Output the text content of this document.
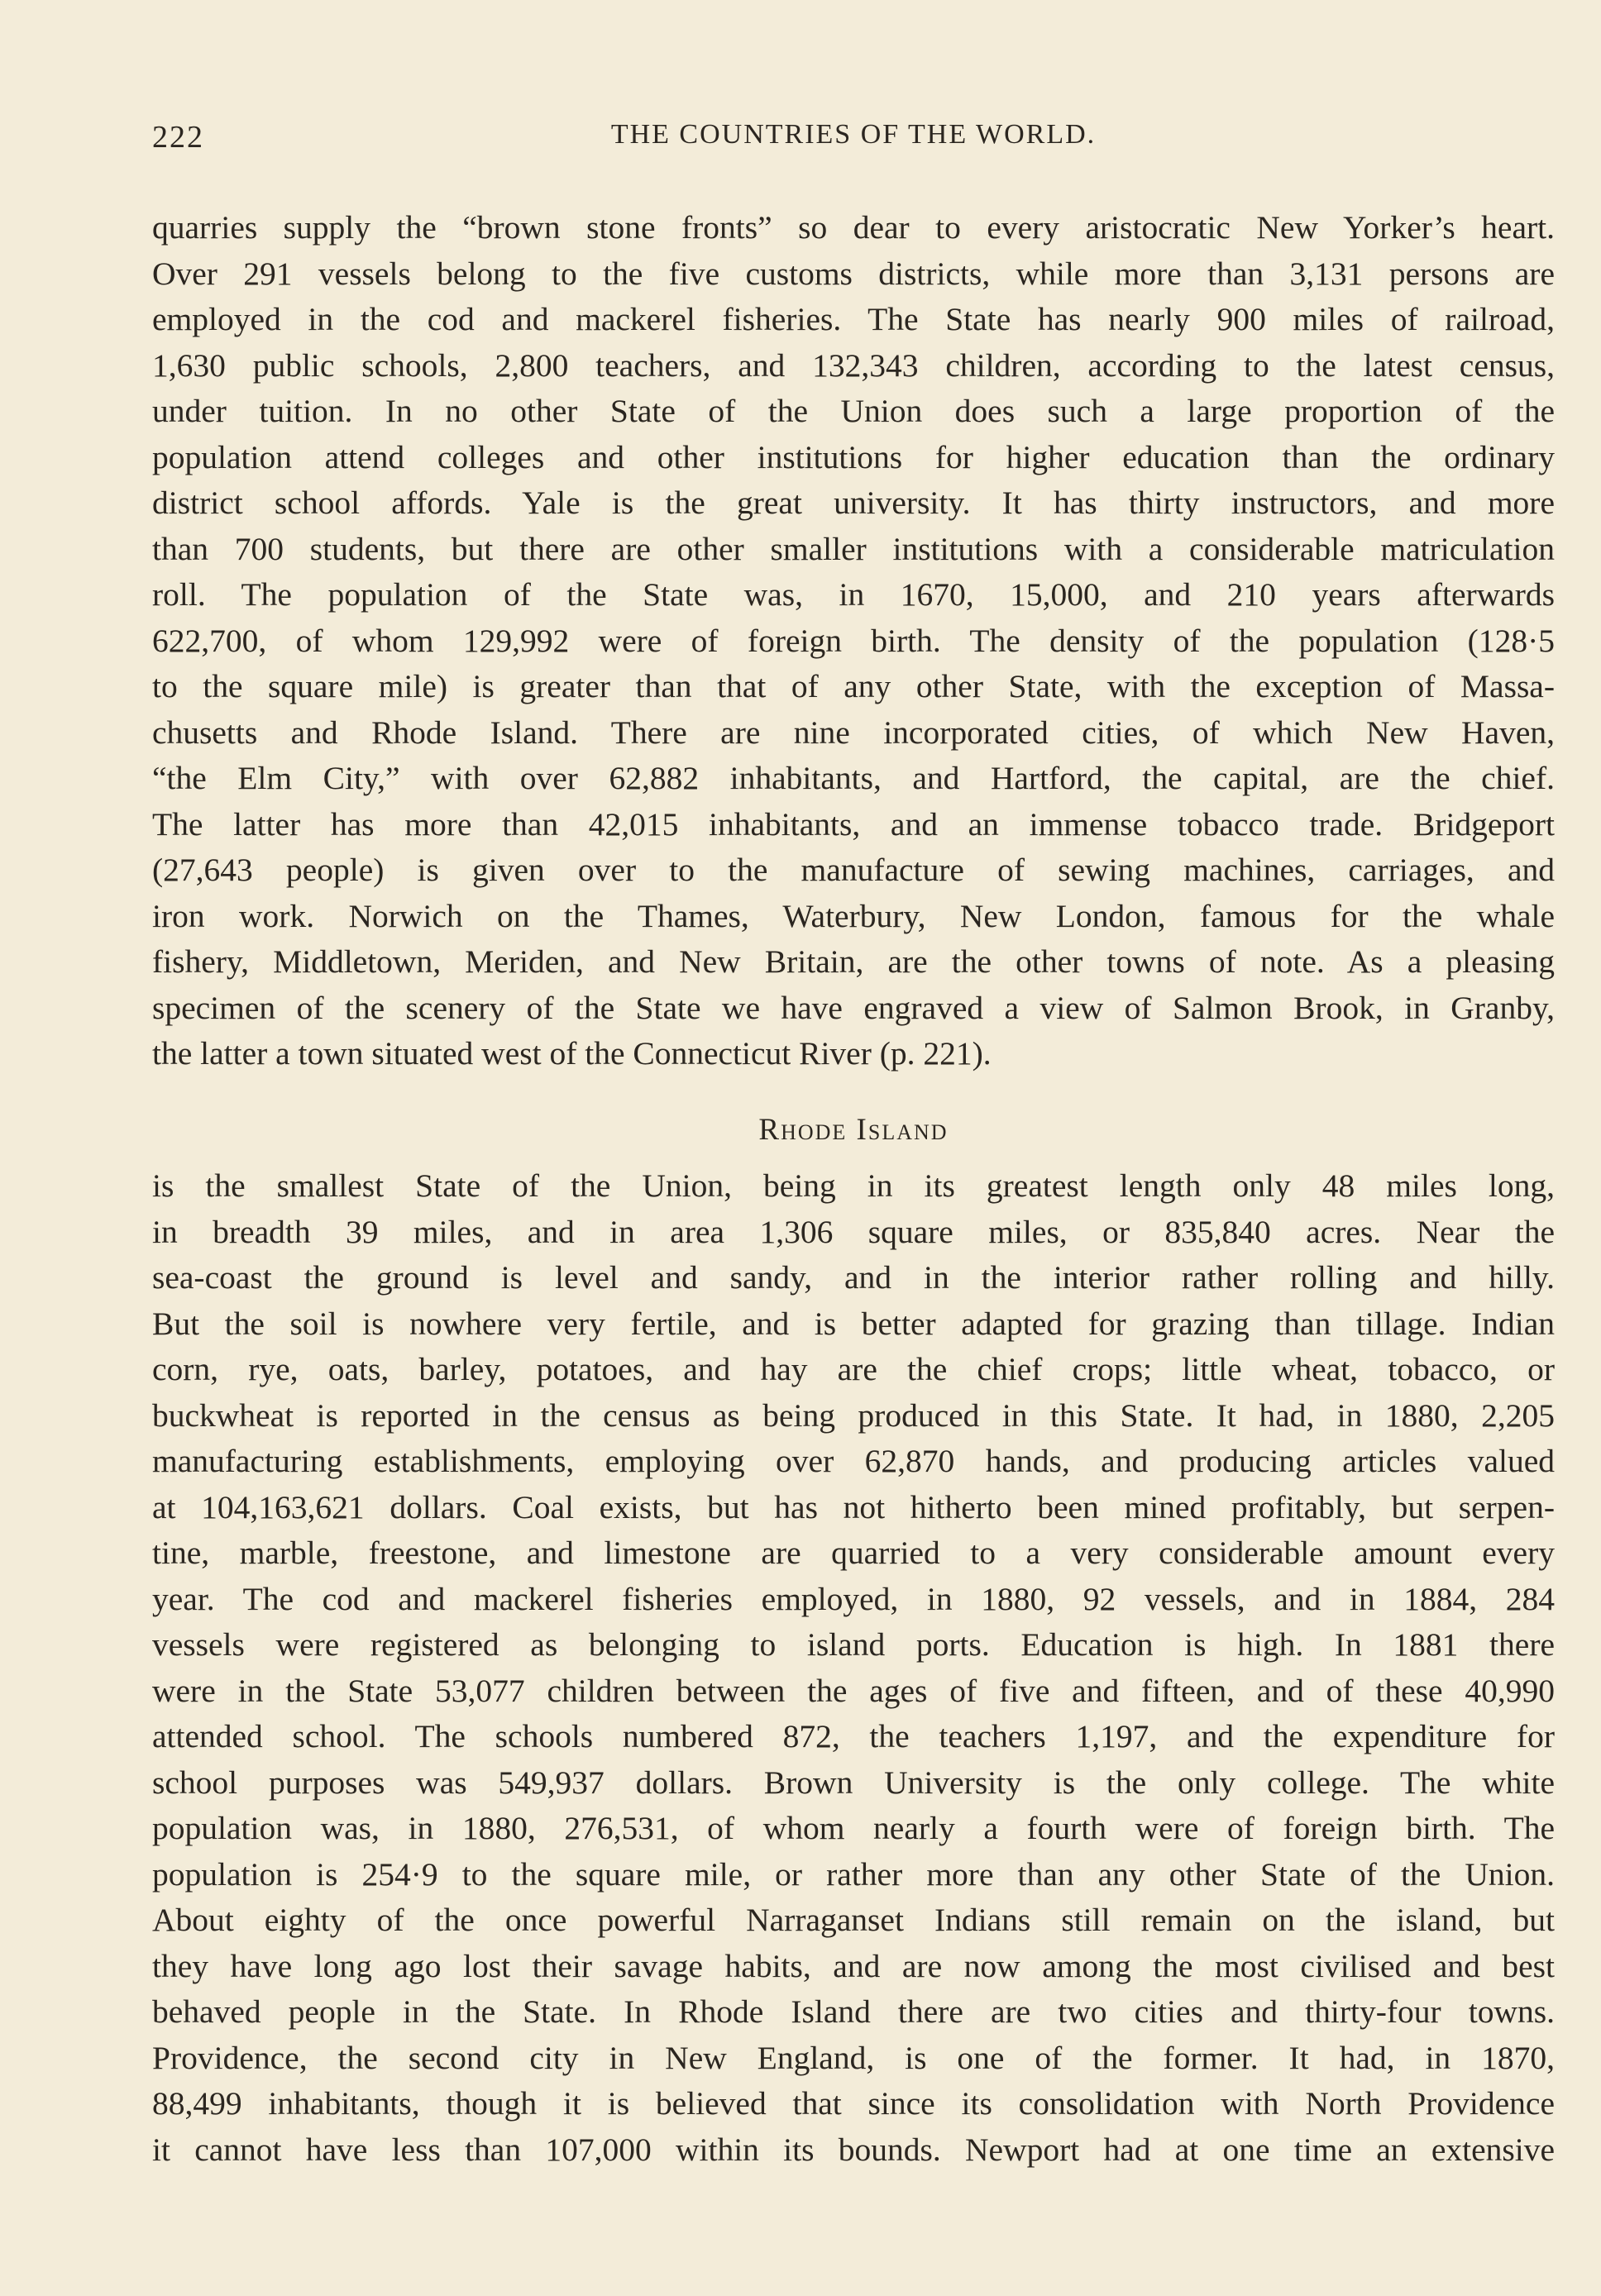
222	THE COUNTRIES OF THE WORLD.
quarries supply the “brown stone fronts” so dear to every aristocratic New Yorker’s heart.
Over 291 vessels belong to the five customs districts, while more than 3,131 persons are
employed in the cod and mackerel fisheries. The State has nearly 900 miles of railroad,
1,630 public schools, 2,800 teachers, and 132,343 children, according to the latest census,
under tuition. In no other State of the Union does such a large proportion of the
population attend colleges and other institutions for higher education than the ordinary
district school affords. Yale is the great university. It has thirty instructors, and more
than 700 students, but there are other smaller institutions with a considerable matriculation
roll. The population of the State was, in 1670, 15,000, and 210 years afterwards
622,700, of whom 129,992 were of foreign birth. The density of the population (128·5
to the square mile) is greater than that of any other State, with the exception of Massa-
chusetts and Rhode Island. There are nine incorporated cities, of which New Haven,
“the Elm City,” with over 62,882 inhabitants, and Hartford, the capital, are the chief.
The latter has more than 42,015 inhabitants, and an immense tobacco trade. Bridgeport
(27,643 people) is given over to the manufacture of sewing machines, carriages, and
iron work. Norwich on the Thames, Waterbury, New London, famous for the whale
fishery, Middletown, Meriden, and New Britain, are the other towns of note. As a pleasing
specimen of the scenery of the State we have engraved a view of Salmon Brook, in Granby,
the latter a town situated west of the Connecticut River (p. 221).
Rhode Island
is the smallest State of the Union, being in its greatest length only 48 miles long,
in breadth 39 miles, and in area 1,306 square miles, or 835,840 acres. Near the
sea-coast the ground is level and sandy, and in the interior rather rolling and hilly.
But the soil is nowhere very fertile, and is better adapted for grazing than tillage. Indian
corn, rye, oats, barley, potatoes, and hay are the chief crops; little wheat, tobacco, or
buckwheat is reported in the census as being produced in this State. It had, in 1880, 2,205
manufacturing establishments, employing over 62,870 hands, and producing articles valued
at 104,163,621 dollars. Coal exists, but has not hitherto been mined profitably, but serpen-
tine, marble, freestone, and limestone are quarried to a very considerable amount every
year. The cod and mackerel fisheries employed, in 1880, 92 vessels, and in 1884, 284
vessels were registered as belonging to island ports. Education is high. In 1881 there
were in the State 53,077 children between the ages of five and fifteen, and of these 40,990
attended school. The schools numbered 872, the teachers 1,197, and the expenditure for
school purposes was 549,937 dollars. Brown University is the only college. The white
population was, in 1880, 276,531, of whom nearly a fourth were of foreign birth. The
population is 254·9 to the square mile, or rather more than any other State of the Union.
About eighty of the once powerful Narraganset Indians still remain on the island, but
they have long ago lost their savage habits, and are now among the most civilised and best
behaved people in the State. In Rhode Island there are two cities and thirty-four towns.
Providence, the second city in New England, is one of the former. It had, in 1870,
88,499 inhabitants, though it is believed that since its consolidation with North Providence
it cannot have less than 107,000 within its bounds. Newport had at one time an extensive
